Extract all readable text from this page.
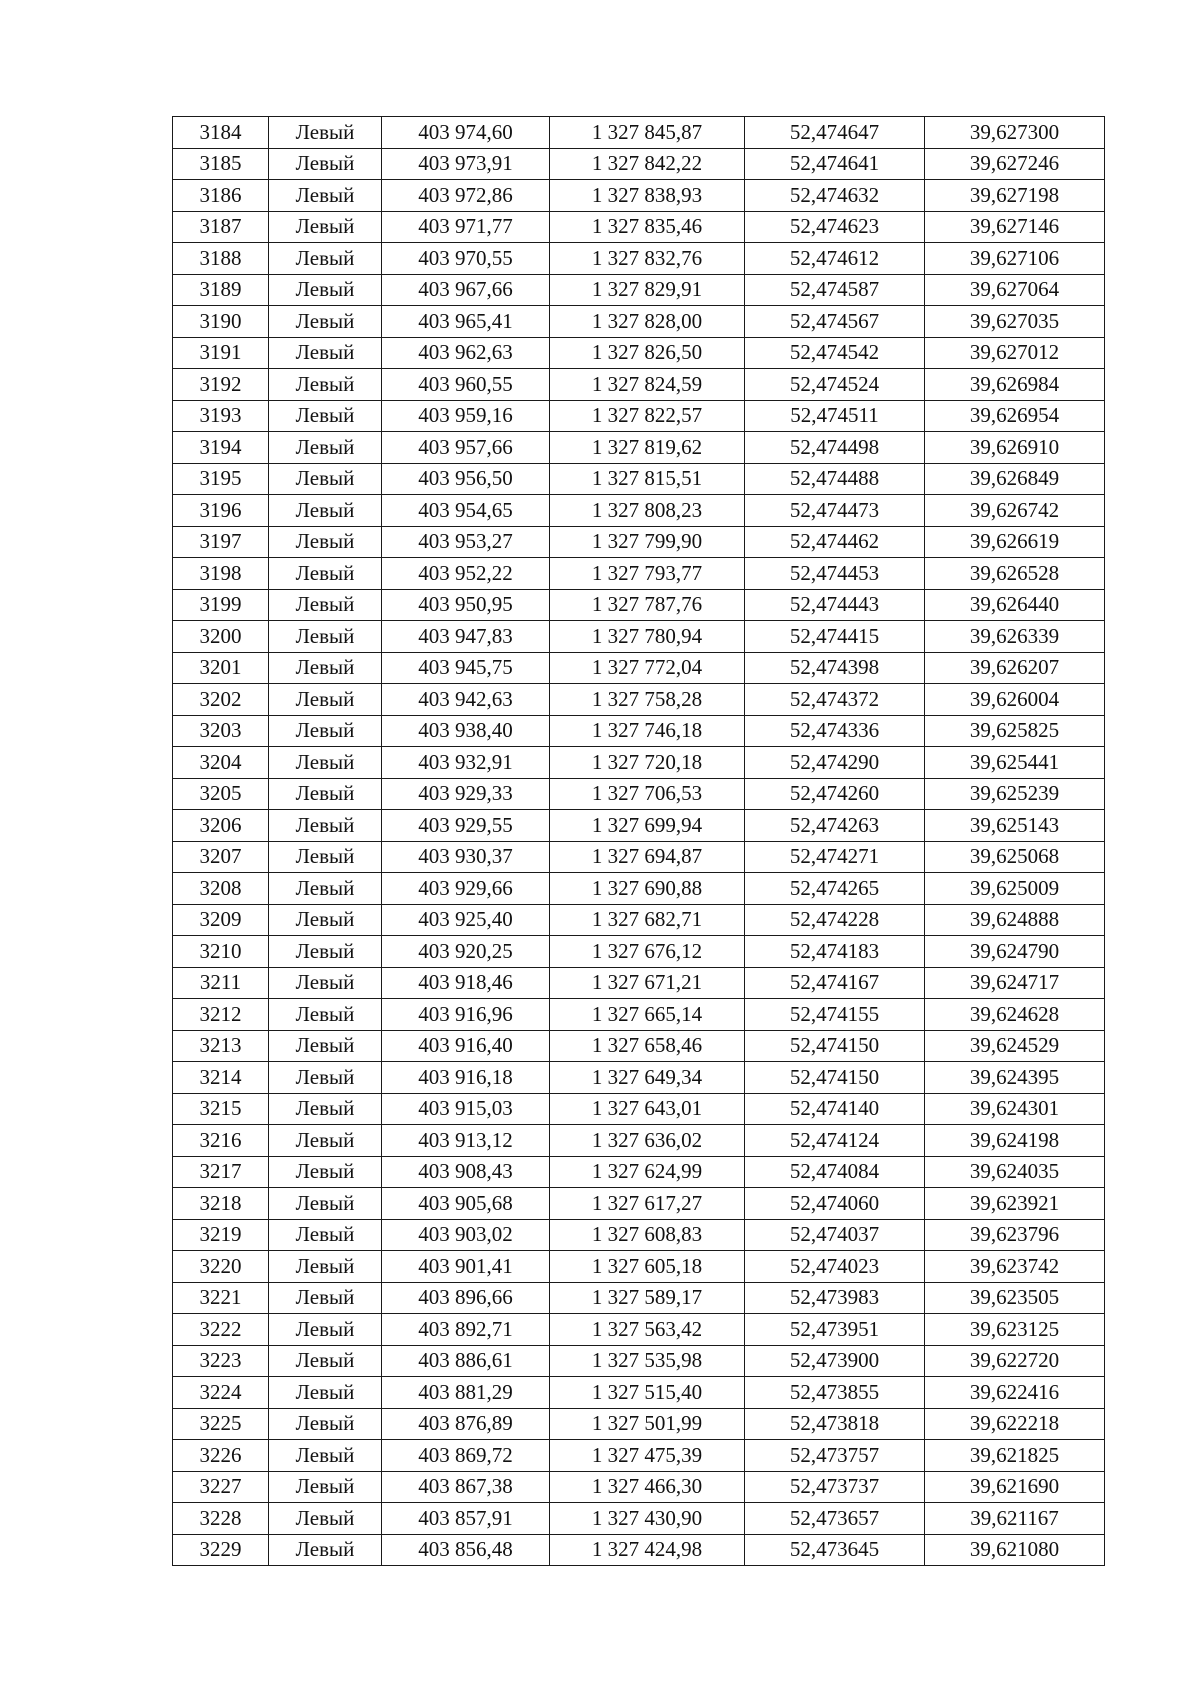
3184	Левый	403 974,60	1 327 845,87	52,474647	39,627300
3185	Левый	403 973,91	1 327 842,22	52,474641	39,627246
3186	Левый	403 972,86	1 327 838,93	52,474632	39,627198
3187	Левый	403 971,77	1 327 835,46	52,474623	39,627146
3188	Левый	403 970,55	1 327 832,76	52,474612	39,627106
3189	Левый	403 967,66	1 327 829,91	52,474587	39,627064
3190	Левый	403 965,41	1 327 828,00	52,474567	39,627035
3191	Левый	403 962,63	1 327 826,50	52,474542	39,627012
3192	Левый	403 960,55	1 327 824,59	52,474524	39,626984
3193	Левый	403 959,16	1 327 822,57	52,474511	39,626954
3194	Левый	403 957,66	1 327 819,62	52,474498	39,626910
3195	Левый	403 956,50	1 327 815,51	52,474488	39,626849
3196	Левый	403 954,65	1 327 808,23	52,474473	39,626742
3197	Левый	403 953,27	1 327 799,90	52,474462	39,626619
3198	Левый	403 952,22	1 327 793,77	52,474453	39,626528
3199	Левый	403 950,95	1 327 787,76	52,474443	39,626440
3200	Левый	403 947,83	1 327 780,94	52,474415	39,626339
3201	Левый	403 945,75	1 327 772,04	52,474398	39,626207
3202	Левый	403 942,63	1 327 758,28	52,474372	39,626004
3203	Левый	403 938,40	1 327 746,18	52,474336	39,625825
3204	Левый	403 932,91	1 327 720,18	52,474290	39,625441
3205	Левый	403 929,33	1 327 706,53	52,474260	39,625239
3206	Левый	403 929,55	1 327 699,94	52,474263	39,625143
3207	Левый	403 930,37	1 327 694,87	52,474271	39,625068
3208	Левый	403 929,66	1 327 690,88	52,474265	39,625009
3209	Левый	403 925,40	1 327 682,71	52,474228	39,624888
3210	Левый	403 920,25	1 327 676,12	52,474183	39,624790
3211	Левый	403 918,46	1 327 671,21	52,474167	39,624717
3212	Левый	403 916,96	1 327 665,14	52,474155	39,624628
3213	Левый	403 916,40	1 327 658,46	52,474150	39,624529
3214	Левый	403 916,18	1 327 649,34	52,474150	39,624395
3215	Левый	403 915,03	1 327 643,01	52,474140	39,624301
3216	Левый	403 913,12	1 327 636,02	52,474124	39,624198
3217	Левый	403 908,43	1 327 624,99	52,474084	39,624035
3218	Левый	403 905,68	1 327 617,27	52,474060	39,623921
3219	Левый	403 903,02	1 327 608,83	52,474037	39,623796
3220	Левый	403 901,41	1 327 605,18	52,474023	39,623742
3221	Левый	403 896,66	1 327 589,17	52,473983	39,623505
3222	Левый	403 892,71	1 327 563,42	52,473951	39,623125
3223	Левый	403 886,61	1 327 535,98	52,473900	39,622720
3224	Левый	403 881,29	1 327 515,40	52,473855	39,622416
3225	Левый	403 876,89	1 327 501,99	52,473818	39,622218
3226	Левый	403 869,72	1 327 475,39	52,473757	39,621825
3227	Левый	403 867,38	1 327 466,30	52,473737	39,621690
3228	Левый	403 857,91	1 327 430,90	52,473657	39,621167
3229	Левый	403 856,48	1 327 424,98	52,473645	39,621080
